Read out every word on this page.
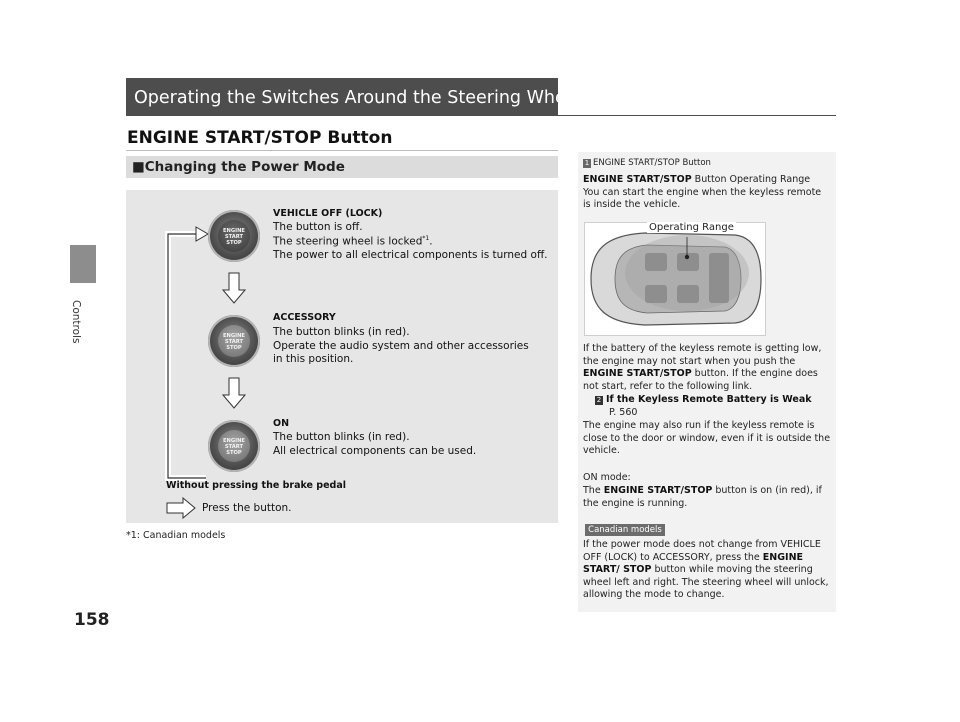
Controls
158
Operating the Switches Around the Steering Wheel
ENGINE START/STOP Button
■Changing the Power Mode
ENGINE
START
STOP
ENGINE
START
STOP
ENGINE
START
STOP
VEHICLE OFF (LOCK)
The button is off.
The steering wheel is locked$^{*1}$.
The power to all electrical components is turned off.
ACCESSORY
The button blinks (in red).
Operate the audio system and other accessories
in this position.
ON
The button blinks (in red).
All electrical components can be used.
Without pressing the brake pedal
Press the button.
*1: Canadian models
1 ENGINE START/STOP Button
ENGINE START/STOP Button Operating Range
You can start the engine when the keyless remote is inside the vehicle.
Operating Range
If the battery of the keyless remote is getting low, the engine may not start when you push the ENGINE START/STOP button. If the engine does not start, refer to the following link.
2 If the Keyless Remote Battery is Weak
P. 560
The engine may also run if the keyless remote is close to the door or window, even if it is outside the vehicle.
ON mode:
The ENGINE START/STOP button is on (in red), if the engine is running.
Canadian models
If the power mode does not change from VEHICLE OFF (LOCK) to ACCESSORY, press the ENGINE START/ STOP button while moving the steering wheel left and right. The steering wheel will unlock, allowing the mode to change.
